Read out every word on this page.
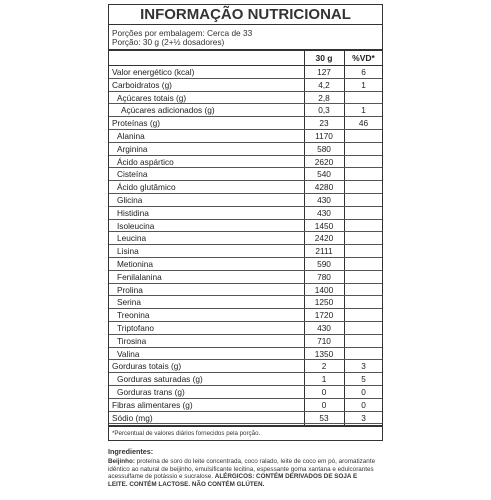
INFORMAÇÃO NUTRICIONAL
Porções por embalagem: Cerca de 33
Porção: 30 g (2+½ dosadores)
30 g	%VD*
Valor energético (kcal)	127	6
Carboidratos (g)	4,2	1
Açúcares totais (g)	2,8
Açúcares adicionados (g)	0,3	1
Proteínas (g)	23	46
Alanina	1170
Arginina	580
Ácido aspártico	2620
Cisteína	540
Ácido glutâmico	4280
Glicina	430
Histidina	430
Isoleucina	1450
Leucina	2420
Lisina	2111
Metionina	590
Fenilalanina	780
Prolina	1400
Serina	1250
Treonina	1720
Triptofano	430
Tirosina	710
Valina	1350
Gorduras totais (g)	2	3
Gorduras saturadas (g)	1	5
Gorduras trans (g)	0	0
Fibras alimentares (g)	0	0
Sódio (mg)	53	3
*Percentual de valores diários fornecidos pela porção.
Ingredientes:
Beijinho: proteína de soro do leite concentrada, coco ralado, leite de coco em pó, aromatizante idêntico ao natural de beijinho, emulsificante lecitina, espessante goma xantana e edulcorantes acessulfame de potássio e sucralose. ALÉRGICOS: CONTÉM DERIVADOS DE SOJA E LEITE. CONTÉM LACTOSE. NÃO CONTÉM GLÚTEN.
